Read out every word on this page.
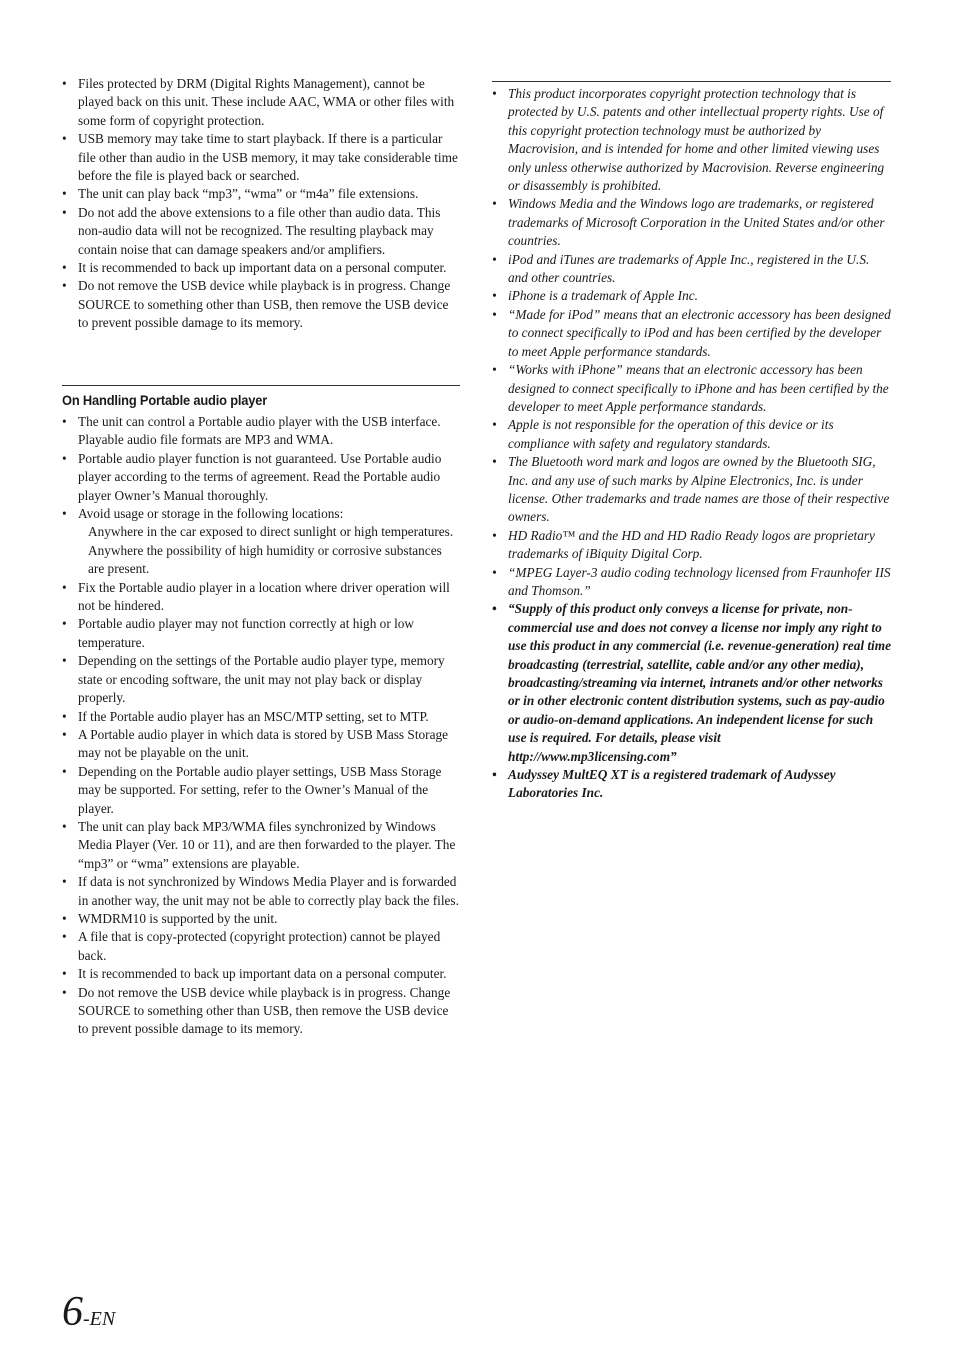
• Files protected by DRM (Digital Rights Management), cannot be played back on this unit. These include AAC, WMA or other files with some form of copyright protection.
• USB memory may take time to start playback. If there is a particular file other than audio in the USB memory, it may take considerable time before the file is played back or searched.
• The unit can play back “mp3”, “wma” or “m4a” file extensions.
• Do not add the above extensions to a file other than audio data. This non-audio data will not be recognized. The resulting playback may contain noise that can damage speakers and/or amplifiers.
• It is recommended to back up important data on a personal computer.
• Do not remove the USB device while playback is in progress. Change SOURCE to something other than USB, then remove the USB device to prevent possible damage to its memory.
On Handling Portable audio player
• The unit can control a Portable audio player with the USB interface. Playable audio file formats are MP3 and WMA.
• Portable audio player function is not guaranteed. Use Portable audio player according to the terms of agreement. Read the Portable audio player Owner’s Manual thoroughly.
• Avoid usage or storage in the following locations:
Anywhere in the car exposed to direct sunlight or high temperatures.
Anywhere the possibility of high humidity or corrosive substances are present.
• Fix the Portable audio player in a location where driver operation will not be hindered.
• Portable audio player may not function correctly at high or low temperature.
• Depending on the settings of the Portable audio player type, memory state or encoding software, the unit may not play back or display properly.
• If the Portable audio player has an MSC/MTP setting, set to MTP.
• A Portable audio player in which data is stored by USB Mass Storage may not be playable on the unit.
• Depending on the Portable audio player settings, USB Mass Storage may be supported. For setting, refer to the Owner’s Manual of the player.
• The unit can play back MP3/WMA files synchronized by Windows Media Player (Ver. 10 or 11), and are then forwarded to the player. The “mp3” or “wma” extensions are playable.
• If data is not synchronized by Windows Media Player and is forwarded in another way, the unit may not be able to correctly play back the files.
• WMDRM10 is supported by the unit.
• A file that is copy-protected (copyright protection) cannot be played back.
• It is recommended to back up important data on a personal computer.
• Do not remove the USB device while playback is in progress. Change SOURCE to something other than USB, then remove the USB device to prevent possible damage to its memory.
• This product incorporates copyright protection technology that is protected by U.S. patents and other intellectual property rights. Use of this copyright protection technology must be authorized by Macrovision, and is intended for home and other limited viewing uses only unless otherwise authorized by Macrovision. Reverse engineering or disassembly is prohibited.
• Windows Media and the Windows logo are trademarks, or registered trademarks of Microsoft Corporation in the United States and/or other countries.
• iPod and iTunes are trademarks of Apple Inc., registered in the U.S. and other countries.
• iPhone is a trademark of Apple Inc.
• “Made for iPod” means that an electronic accessory has been designed to connect specifically to iPod and has been certified by the developer to meet Apple performance standards.
• “Works with iPhone” means that an electronic accessory has been designed to connect specifically to iPhone and has been certified by the developer to meet Apple performance standards.
• Apple is not responsible for the operation of this device or its compliance with safety and regulatory standards.
• The Bluetooth word mark and logos are owned by the Bluetooth SIG, Inc. and any use of such marks by Alpine Electronics, Inc. is under license. Other trademarks and trade names are those of their respective owners.
• HD Radio™ and the HD and HD Radio Ready logos are proprietary trademarks of iBiquity Digital Corp.
• “MPEG Layer-3 audio coding technology licensed from Fraunhofer IIS and Thomson.”
• “Supply of this product only conveys a license for private, non-commercial use and does not convey a license nor imply any right to use this product in any commercial (i.e. revenue-generation) real time broadcasting (terrestrial, satellite, cable and/or any other media), broadcasting/streaming via internet, intranets and/or other networks or in other electronic content distribution systems, such as pay-audio or audio-on-demand applications. An independent license for such use is required. For details, please visit http://www.mp3licensing.com”
• Audyssey MultEQ XT is a registered trademark of Audyssey Laboratories Inc.
6-EN
